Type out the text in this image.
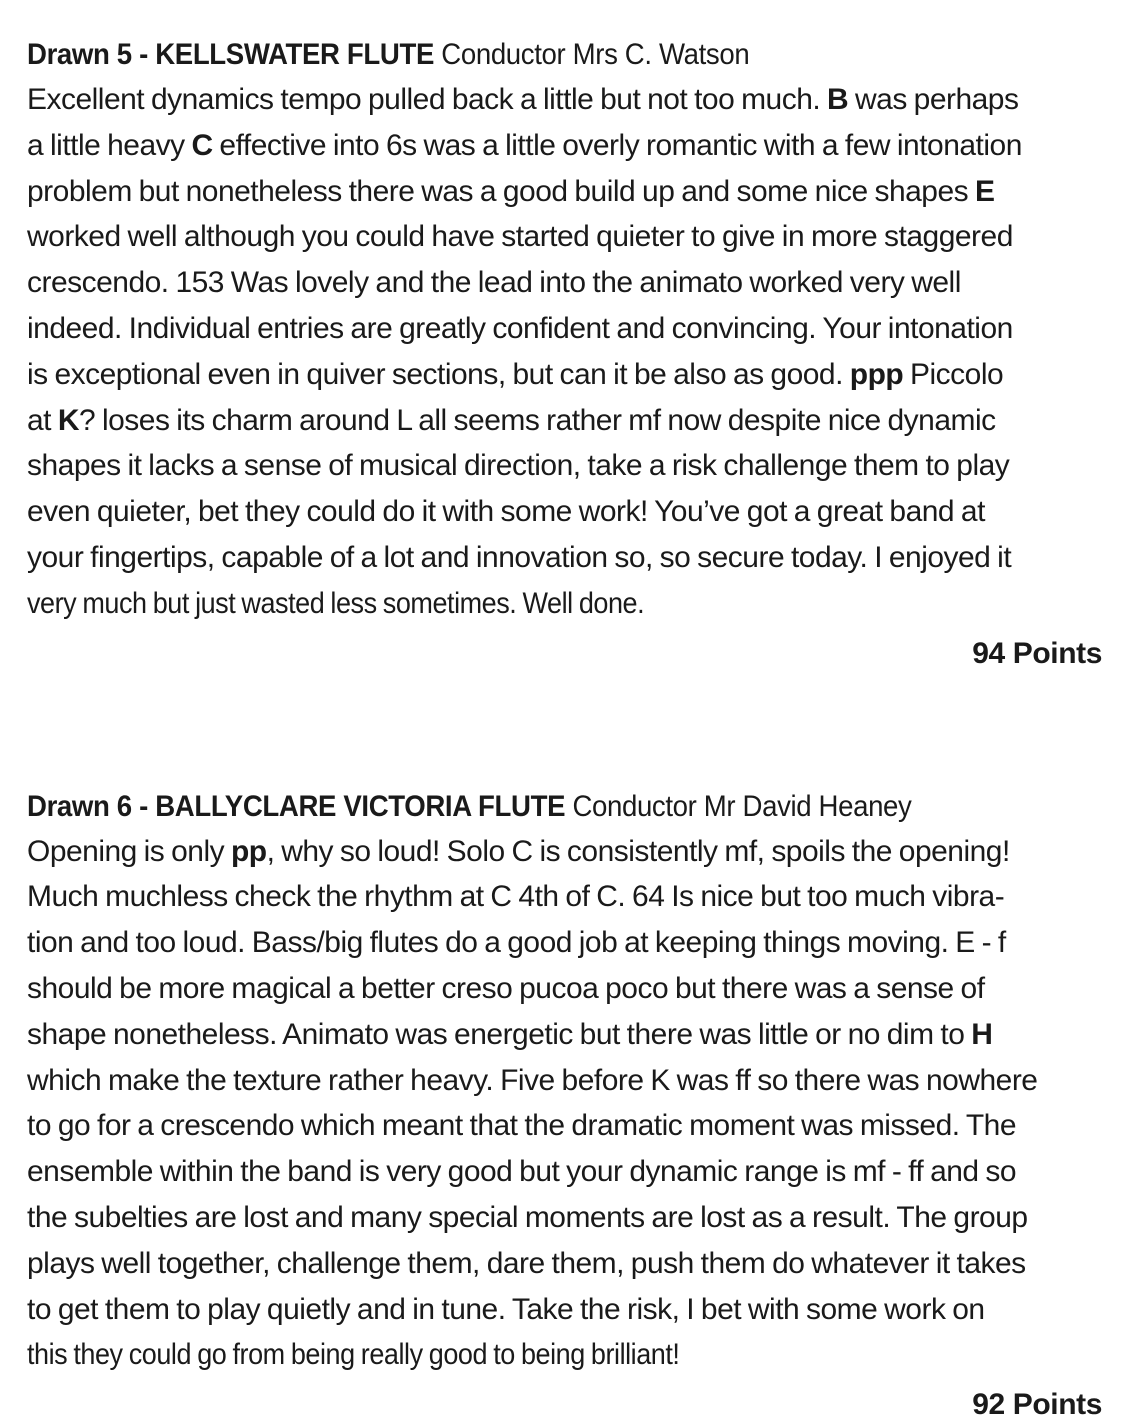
Drawn 5 - KELLSWATER FLUTE Conductor Mrs C. Watson
Excellent dynamics tempo pulled back a little but not too much. B was perhaps
a little heavy C effective into 6s was a little overly romantic with a few intonation
problem but nonetheless there was a good build up and some nice shapes E
worked well although you could have started quieter to give in more staggered
crescendo. 153 Was lovely and the lead into the animato worked very well
indeed. Individual entries are greatly confident and convincing. Your intonation
is exceptional even in quiver sections, but can it be also as good. ppp Piccolo
at K? loses its charm around L all seems rather mf now despite nice dynamic
shapes it lacks a sense of musical direction, take a risk challenge them to play
even quieter, bet they could do it with some work! You’ve got a great band at
your fingertips, capable of a lot and innovation so, so secure today. I enjoyed it
very much but just wasted less sometimes. Well done.
94 Points
Drawn 6 - BALLYCLARE VICTORIA FLUTE Conductor Mr David Heaney
Opening is only pp, why so loud! Solo C is consistently mf, spoils the opening!
Much muchless check the rhythm at C 4th of C. 64 Is nice but too much vibra-
tion and too loud. Bass/big flutes do a good job at keeping things moving. E - f
should be more magical a better creso pucoa poco but there was a sense of
shape nonetheless. Animato was energetic but there was little or no dim to H
which make the texture rather heavy. Five before K was ff so there was nowhere
to go for a crescendo which meant that the dramatic moment was missed. The
ensemble within the band is very good but your dynamic range is mf - ff and so
the subelties are lost and many special moments are lost as a result. The group
plays well together, challenge them, dare them, push them do whatever it takes
to get them to play quietly and in tune. Take the risk, I bet with some work on
this they could go from being really good to being brilliant!
92 Points
